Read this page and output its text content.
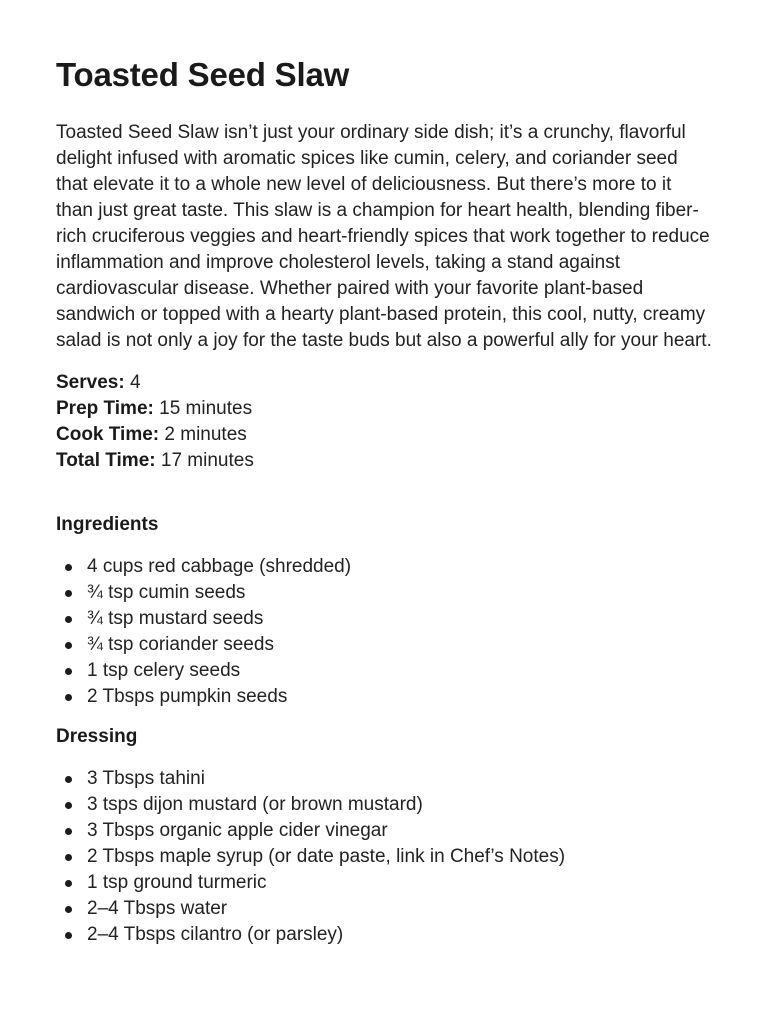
Toasted Seed Slaw

Toasted Seed Slaw isn’t just your ordinary side dish; it’s a crunchy, flavorful delight infused with aromatic spices like cumin, celery, and coriander seed that elevate it to a whole new level of deliciousness. But there’s more to it than just great taste. This slaw is a champion for heart health, blending fiber-rich cruciferous veggies and heart-friendly spices that work together to reduce inflammation and improve cholesterol levels, taking a stand against cardiovascular disease. Whether paired with your favorite plant-based sandwich or topped with a hearty plant-based protein, this cool, nutty, creamy salad is not only a joy for the taste buds but also a powerful ally for your heart.

Serves: 4
Prep Time: 15 minutes
Cook Time: 2 minutes
Total Time: 17 minutes
Ingredients
4 cups red cabbage (shredded)
¾ tsp cumin seeds
¾ tsp mustard seeds
¾ tsp coriander seeds
1 tsp celery seeds
2 Tbsps pumpkin seeds
Dressing
3 Tbsps tahini
3 tsps dijon mustard (or brown mustard)
3 Tbsps organic apple cider vinegar
2 Tbsps maple syrup (or date paste, link in Chef’s Notes)
1 tsp ground turmeric
2–4 Tbsps water
2–4 Tbsps cilantro (or parsley)
